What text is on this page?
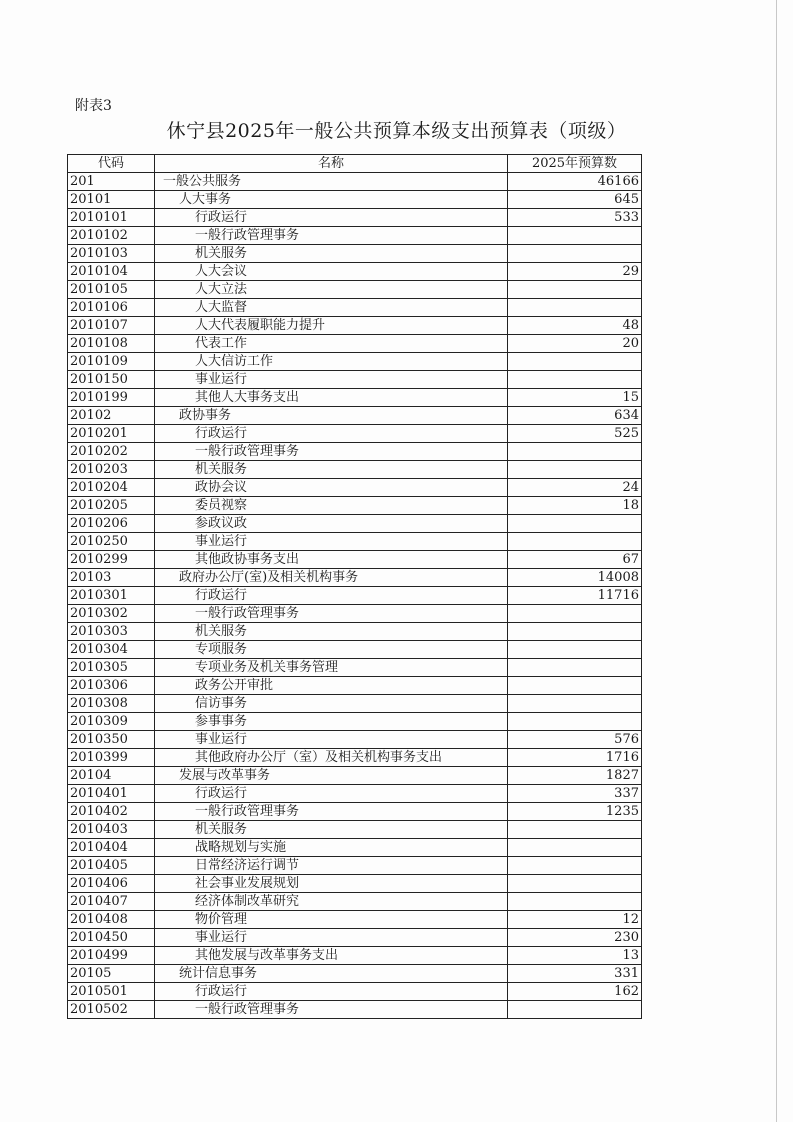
附表3
休宁县2025年一般公共预算本级支出预算表（项级）
代码	名称	2025年预算数
201	一般公共服务	46166
20101	人大事务	645
2010101	行政运行	533
2010102	一般行政管理事务	
2010103	机关服务	
2010104	人大会议	29
2010105	人大立法	
2010106	人大监督	
2010107	人大代表履职能力提升	48
2010108	代表工作	20
2010109	人大信访工作	
2010150	事业运行	
2010199	其他人大事务支出	15
20102	政协事务	634
2010201	行政运行	525
2010202	一般行政管理事务	
2010203	机关服务	
2010204	政协会议	24
2010205	委员视察	18
2010206	参政议政	
2010250	事业运行	
2010299	其他政协事务支出	67
20103	政府办公厅(室)及相关机构事务	14008
2010301	行政运行	11716
2010302	一般行政管理事务	
2010303	机关服务	
2010304	专项服务	
2010305	专项业务及机关事务管理	
2010306	政务公开审批	
2010308	信访事务	
2010309	参事事务	
2010350	事业运行	576
2010399	其他政府办公厅（室）及相关机构事务支出	1716
20104	发展与改革事务	1827
2010401	行政运行	337
2010402	一般行政管理事务	1235
2010403	机关服务	
2010404	战略规划与实施	
2010405	日常经济运行调节	
2010406	社会事业发展规划	
2010407	经济体制改革研究	
2010408	物价管理	12
2010450	事业运行	230
2010499	其他发展与改革事务支出	13
20105	统计信息事务	331
2010501	行政运行	162
2010502	一般行政管理事务	
